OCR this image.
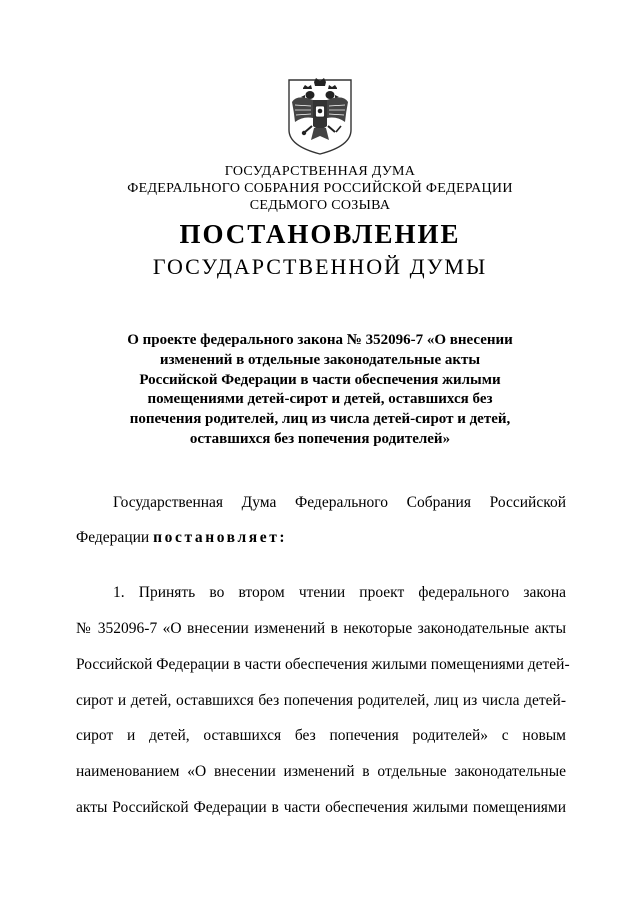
ГОСУДАРСТВЕННАЯ ДУМА
ФЕДЕРАЛЬНОГО СОБРАНИЯ РОССИЙСКОЙ ФЕДЕРАЦИИ
СЕДЬМОГО СОЗЫВА
ПОСТАНОВЛЕНИЕ
ГОСУДАРСТВЕННОЙ ДУМЫ
О проекте федерального закона № 352096-7 «О внесении
изменений в отдельные законодательные акты
Российской Федерации в части обеспечения жилыми
помещениями детей-сирот и детей, оставшихся без
попечения родителей, лиц из числа детей-сирот и детей,
оставшихся без попечения родителей»
Государственная Дума Федерального Собрания Российской
Федерации постановляет:
1. Принять во втором чтении проект федерального закона
№ 352096-7 «О внесении изменений в некоторые законодательные акты
Российской Федерации в части обеспечения жилыми помещениями детей-
сирот и детей, оставшихся без попечения родителей, лиц из числа детей-
сирот и детей, оставшихся без попечения родителей» с новым
наименованием «О внесении изменений в отдельные законодательные
акты Российской Федерации в части обеспечения жилыми помещениями
